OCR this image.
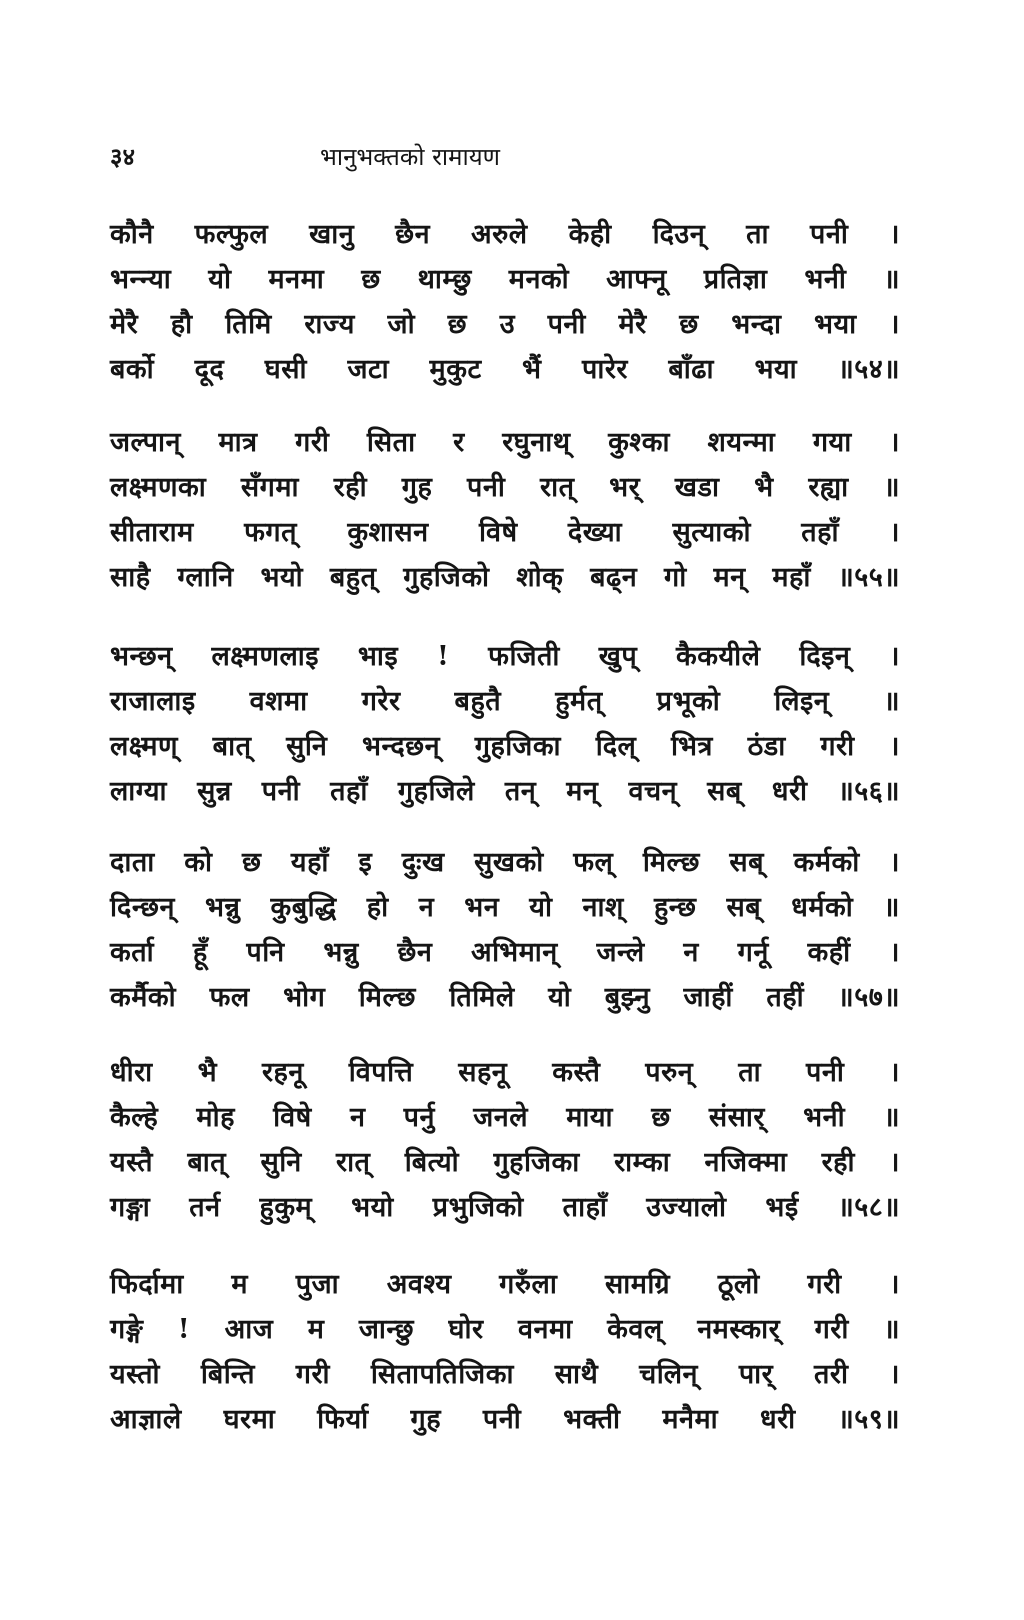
३४	भानुभक्तको रामायण
कौनै फल्फुल खानु छैन अरुले केही दिउन् ता पनी ।
भन्न्या यो मनमा छ थाम्छु मनको आफ्नू प्रतिज्ञा भनी ॥
मेरै हौ तिमि राज्य जो छ उ पनी मेरै छ भन्दा भया ।
बर्को दूद घसी जटा मुकुट भैं पारेर बाँढा भया ॥५४॥
जल्पान् मात्र गरी सिता र रघुनाथ् कुश्का शयन्मा गया ।
लक्ष्मणका सँगमा रही गुह पनी रात् भर् खडा भै रह्या ॥
सीताराम फगत् कुशासन विषे देख्या सुत्याको तहाँ ।
साहै ग्लानि भयो बहुत् गुहजिको शोक् बढ्न गो मन् महाँ ॥५५॥
भन्छन् लक्ष्मणलाइ भाइ ! फजिती खुप् कैकयीले दिइन् ।
राजालाइ वशमा गरेर बहुतै हुर्मत् प्रभूको लिइन् ॥
लक्ष्मण् बात् सुनि भन्दछन् गुहजिका दिल् भित्र ठंडा गरी ।
लाग्या सुन्न पनी तहाँ गुहजिले तन् मन् वचन् सब् धरी ॥५६॥
दाता को छ यहाँ इ दुःख सुखको फल् मिल्छ सब् कर्मको ।
दिन्छन् भन्नु कुबुद्धि हो न भन यो नाश् हुन्छ सब् धर्मको ॥
कर्ता हूँ पनि भन्नु छैन अभिमान् जन्ले न गर्नू कहीं ।
कर्मैको फल भोग मिल्छ तिमिले यो बुझ्नु जाहीं तहीं ॥५७॥
धीरा भै रहनू विपत्ति सहनू कस्तै परुन् ता पनी ।
कैल्हे मोह विषे न पर्नु जनले माया छ संसार् भनी ॥
यस्तै बात् सुनि रात् बित्यो गुहजिका राम्का नजिक्मा रही ।
गङ्गा तर्न हुकुम् भयो प्रभुजिको ताहाँ उज्यालो भई ॥५८॥
फिर्दामा म पुजा अवश्य गरुँला सामग्रि ठूलो गरी ।
गङ्गे ! आज म जान्छु घोर वनमा केवल् नमस्कार् गरी ॥
यस्तो बिन्ति गरी सितापतिजिका साथै चलिन् पार् तरी ।
आज्ञाले घरमा फिर्या गुह पनी भक्ती मनैमा धरी ॥५९॥
